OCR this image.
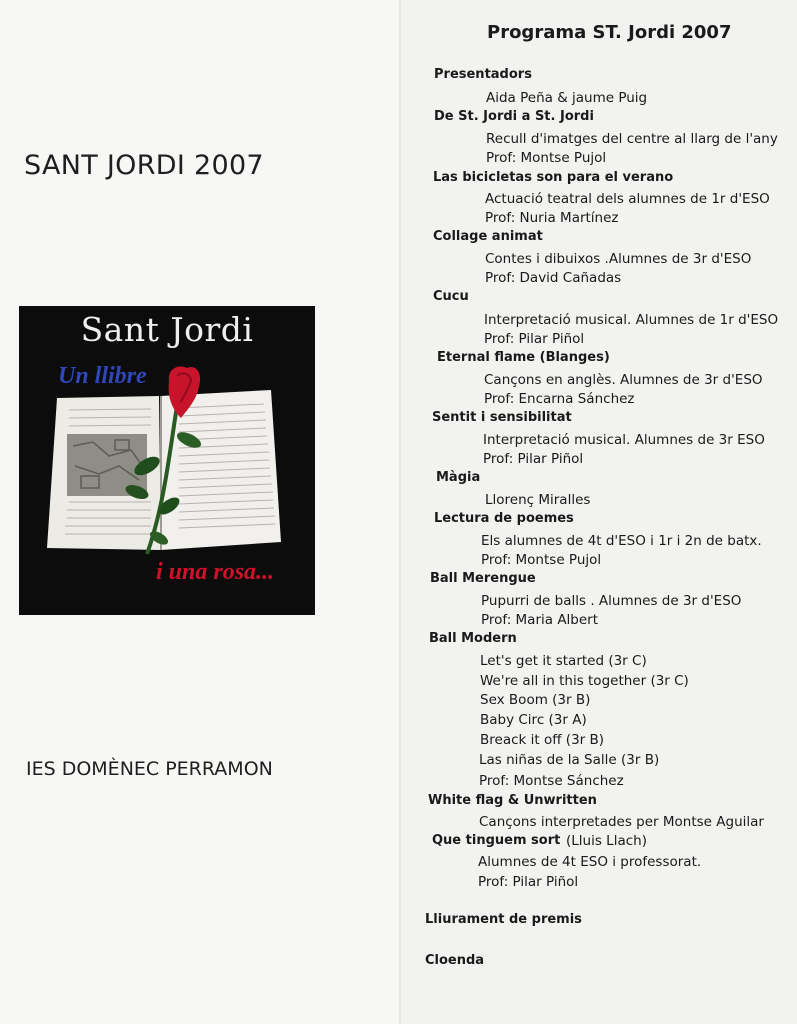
SANT JORDI 2007
Sant Jordi
Un llibre
i una rosa...
IES DOMÈNEC PERRAMON
Programa ST. Jordi 2007
Presentadors
Aida Peña & jaume Puig
De St. Jordi a St. Jordi
Recull d'imatges del centre al llarg de l'any
Prof: Montse Pujol
Las bicicletas son para el verano
Actuació teatral dels alumnes de 1r d'ESO
Prof: Nuria Martínez
Collage animat
Contes i dibuixos .Alumnes de 3r d'ESO
Prof: David Cañadas
Cucu
Interpretació musical. Alumnes de 1r d'ESO
Prof: Pilar Piñol
Eternal flame (Blanges)
Cançons en anglès. Alumnes de 3r d'ESO
Prof: Encarna Sánchez
Sentit i sensibilitat
Interpretació musical. Alumnes de 3r ESO
Prof: Pilar Piñol
Màgia
Llorenç Miralles
Lectura de poemes
Els alumnes de 4t d'ESO i 1r i 2n de batx.
Prof: Montse Pujol
Ball Merengue
Pupurri de balls . Alumnes de 3r d'ESO
Prof: Maria Albert
Ball Modern
Let's get it started (3r C)
We're all in this together (3r C)
Sex Boom (3r B)
Baby Circ (3r A)
Breack it off (3r B)
Las niñas de la Salle (3r B)
Prof: Montse Sánchez
White flag & Unwritten
Cançons interpretades per Montse Aguilar
Que tinguem sort (Lluis Llach)
Alumnes de 4t ESO i professorat.
Prof: Pilar Piñol
Lliurament de premis
Cloenda
